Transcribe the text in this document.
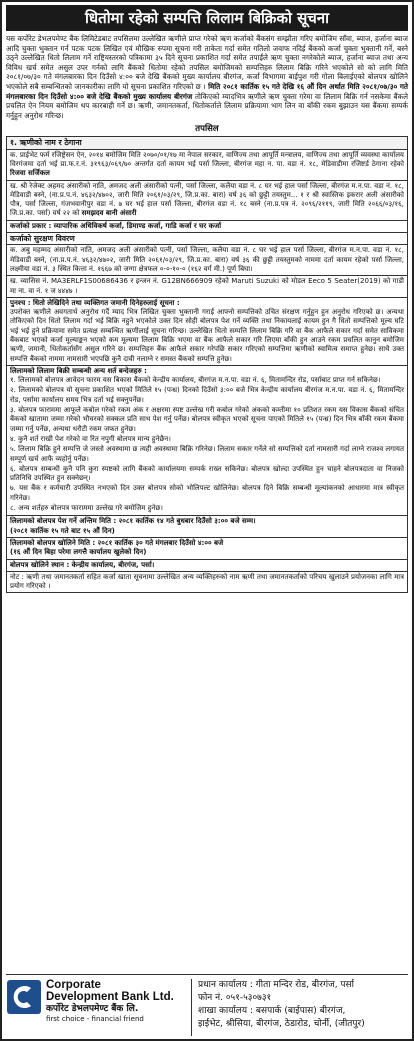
धितोमा रहेको सम्पत्ति लिलाम बिक्रिको सूचना
यस कर्पोरेट डेभलपमेण्ट बैंक लिमिटेडबाट तपसिलमा उल्लेखित ऋणीले प्राप्त गरेको ऋण कर्जाको बैंकसंग सम्झौता गरिए बमोजिम साँवा, ब्याज, हर्जाना ब्याज आदि चुक्ता भुक्तान गर्न पटक पटक लिखित एवं मौखिक रुपमा सूचना गरी ताकेता गर्दा समेत गतिलो जवाफ नदिई बैंकको कर्जा चुक्ता भुक्तानी गर्ने, बस्ने उठ्ने उल्लेखित धितो लिलाम गर्ने राष्ट्रियस्तरको पत्रिकामा ३५ दिने सूचना प्रकाशित गर्दा समेत तपाईंले ऋण चुक्ता नगरेकोले ब्याज, हर्जाना ब्याज तथा अन्य विविध खर्च समेत असुल उपर गर्नको लागि बैंकको धितोमा रहेको तपसिल बमोजिमको सम्पत्तिहरु लिलाम बिक्रि गरिने भएकोले सो को लागि मिति २०८१/०७/३० गते मंगलबारका दिन दिउँसो ४:०० बजे देखि बैंकको मुख्य कार्यालय बीरगंज, कर्जा विभागमा बाईपुश गरी गोला बिलाईएको बोलपत्र खोलिने भएकोले सबै सम्बन्धितको जानकारीका लागि यो सूचना प्रकाशित गरिएको छ । मिति २०८१ कार्तिक १५ गते देखि १६ औं दिन अर्थात मिति २०८१/०७/३० गते मंगलबारका दिन दिउँसो ४:०० बजे देखि बैंकको मुख्य कार्यालय बीरगंज तोकिएको म्यादभित्र ऋणीले ऋण चुक्ता गरेमा वा लिलाम बिक्रि गर्न नसकेमा बैंकले प्रचलित ऐन नियम बमोजिम थप कारबाही गर्ने छ। ऋणी, जमानतकर्ता, धितोकर्ताले लिलाम प्रक्रियामा भाग लिन वा बाँकी रकम बुझाउन यस बैंकमा सम्पर्क गर्नुहुन अनुरोध गरिन्छ।
तपसिल
१. ऋणीको नाम र ठेगाना
क. प्राईभेट फर्म रजिष्ट्रेसन ऐन, २०१४ बमोजिम मिति २०७०/०१/१७ मा नेपाल सरकार, वाणिज्य तथा आपूर्ति मन्त्रालय, वाणिज्य तथा आपूर्ति व्यवस्था कार्यालय विरगंजमा दर्ता भई प्रा.फ.र.नं. ३१९६३/०६९/७० अन्तर्गत दर्ता कायम भई पर्सा जिल्ला, बीरगंज महा न. पा. वडा नं. १८, मेडिवाडीमा रजिष्टर्ड ठेगाना रहेको रिजवा सर्जिकल
ख. श्री रेजेक्ट अहमद अंसारीको नाति, अमजद अली अंसारीको पत्नी, पर्सा जिल्ला, कलैया वडा नं. ८ घर भई हाल पर्सा जिल्ला, बीरगंज म.न.पा. वडा नं. १८, मेडिवाडी बस्ने, (ना.प्र.प.नं. ४६३२/४७०२, जारी मिति २०६१/०३/२९, जि.प्र.का. बारा) वर्ष ३६ को छुट्टी तयस्तुम... १ र श्री स्वास्तिक इकरार अली अंसारीको पौत्र, पर्सा जिल्ला, गंजभवानीपुर वडा नं. ७ घर भई हाल पर्सा जिल्ला, बीरगंज वडा नं. १८ बस्ने (ना.प्र.पत्र नं. २०९६/२११९, जारी मिति २०६६/०३/१६, जि.प्र.का. पर्सा) वर्ष २२ को समझदव बानी अंसारी
कर्जाको प्रकार : व्यापारिक अधिविकर्ष कर्जा, डिमाण्ड कर्जा, गाडि कर्जा र घर कर्जा
कर्जाको सुरक्षण विवरण
क. अबु महम्मद अंसारीको नाति, अमजद अली अंसारीको पत्नी, पर्सा जिल्ला, कलैया वडा नं. ८ घर भई हाल पर्सा जिल्ला, बीरगंज म.न.पा. वडा नं. १८, मेडिवाडी बस्ने, (ना.प्र.प.नं. ४६३२/४७०२, जारी मिति २०६१/०३/२९, जि.प्र.का. बारा) वर्ष ३६ की छुट्टी तयस्तुमको नाममा दर्ता कायम रहेको पर्सा जिल्ला, लक्ष्मीया वडा नं. ३ स्थित कित्ता नं. १६६७ को जग्गा क्षेत्रफल ०-०-१०-० (१६२ वर्ग मी.) पूर्ण बिघा।
ख. व्यासिस नं. MA3ERLF1S00686436 र इन्जन नं. G12BN666909 रहेको Maruti Suzuki को मोडल Eeco 5 Seater(2019) को गाडी मा ना. वा नं. १ ज ४४४७ ।

पुनश्च : धितो लेखिदिने तथा व्यक्तिगत जमानी दिनेहरुलाई सूचना :
उपरोक्त ऋणीले अवगतार्थ अनुरोध गर्दै म्याद भित्र लिखित चुक्ता भुक्तानी गराई आफ्नो सम्पत्तिको उचित संरक्षण गर्नुहुन हुन अनुरोध गरिएको छ। अन्यथा तोकिएको दिन धितो लिलाम गर्दा भई बिक्रि नहुने भएकोले उक्त दिन सोही बोलपत्र पेश गर्ने व्यक्ति तथा निकायलाई कायम हुन गै धितो सम्पत्तिको मूल्य घटि भई भई हुने प्रक्रियामा समेत प्रत्यक्ष सम्बन्धित ऋणीलाई सूचना गरिन्छ। उल्लेखित धितो सम्पत्ति लिलाम बिक्रि गरि वा बैंक आफैले सकार गर्दा समेत साविकमा बैंकबाट भएको कर्जा मूल्याङ्कन भएको कम मूल्यमा लिलाम बिक्रि भएमा वा बैंक आफैले सकार गरि लिएमा बाँकी हुन आउने रकम प्रचलित कानुन बमोजिम ऋणी, जमानी, धितोकर्तासँग असुल गरिने छ। सम्पत्तिहरु बैंक आफैले सकार गरेपछि सकार गरिएको सम्पत्तिमा ऋणीको स्वामित्व समाप्त हुनेछ। साथै उक्त सम्पत्ति बैंकको नाममा नामसारी भएपछि कुनै दावी नलाग्ने र समस्त बैंकको सम्पत्ति हुनेछ।

लिलामको लिलाम बिक्री सम्बन्धी अन्य शर्त बन्देजहरु :
१. लिलामको बोलपत्र आवेदन फारम यस बिकास बैंकको केन्द्रीय कार्यालय, बीरगंज म.न.पा. वडा नं. ६, मितामन्दिर रोड, पर्साबाट प्राप्त गर्न सकिनेछ।
२. लिलामको बोलपत्र यो सूचना प्रकाशित भएको मितिले १५ (पन्ध्र) दिनको दिउँसो ३:०० बजे भित्र केन्द्रीय कार्यालय बीरगंज म.न.पा. वडा नं. ६, मितामन्दिर रोड, पर्सामा कार्यालय समय भित्र दर्ता भई सक्नुपर्नेछ।
३. बोलपत्र फाराममा आफूले कबोल गरेको रकम अंक र अक्षरमा स्पष्ट उल्लेख गरी कबोल गरेको अंकको कम्तीमा १० प्रतिशत रकम यस विकास बैंकको संचित बैंकको खातामा जम्मा गरेको भौचरको सक्कल प्रति साथ पेश गर्नु पर्नेछ। बोलपत्र स्वीकृत भएको सूचना पाएको मितिले १५ (पन्ध्र) दिन भित्र बाँकी रकम बैंकमा जम्मा गर्नु पर्नेछ, अन्यथा धरौटी रकम जफत हुनेछ।
४. कुनै शर्त राखी पेश गरेको वा रित नपुगी बोलपत्र मान्य हुनेछैन।
५. लिलाम बिक्रि हुने सम्पत्ति जे जस्तो अवस्थामा छ त्यही अवस्थामा बिक्रि गरिनेछ। लिलाम सकार गर्नेले सो सम्पत्तिको दर्ता नामसारी गर्दा लाग्ने राजश्व लगायत सम्पूर्ण खर्च आफै व्यहोर्नु पर्नेछ।
६. बोलपत्र सम्बन्धी कुनै पनि कुरा स्पष्टको लागि बैंकको कार्यालयमा सम्पर्क राख्न सकिनेछ। बोलपत्र खोल्दा उपस्थित हुन चाहने बोलपत्रदाता वा निजको प्रतिनिधि उपस्थित हुन सक्नेछन्।
७. यस बैंक र कर्मचारी उपस्थित नभएको दिन उक्त बोलपत्र सोको भोलिपल्ट खोलिनेछ। बोलपत्र दिने बिक्रि सम्बन्धी मूल्यांकनको आधारमा मात्र स्वीकृत गरिनेछ।
८. अन्य शर्तहरु बोलपत्र फाराममा उल्लेख गरे बमोजिम हुनेछ।

लिलामको बोलपत्र पेश गर्ने अन्तिम मिति : २०८१ कार्तिक १४ गते बुधबार दिउँसो ३:०० बजे सम्म।
(२०८१ कार्तिक १५ गते बाट १५ औं दिन)

लिलामको बोलपत्र खोलिने मिति : २०८१ कार्तिक ३० गते मंगलबार दिउँसो ४:०० बजे
(१६ औं दिन बिहा परेमा लगत्तै कार्यालय खुलेको दिन)

बोलपत्र खोलिने स्थान : केन्द्रीय कार्यालय, बीरगंज, पर्सा।
नोट : ऋणी तथा जमानतकर्ता सहित कर्जा खाता सूचनामा उल्लेखित अन्य व्यक्तिहरुको नाम ऋणी तथा जमानतकर्ताको परिचय खुलाउने प्रयोजनका लागि मात्र प्रयोग गरिएको ।
Corporate
Development Bank Ltd.
कर्पोरेट डेभलपमेण्ट बैंक लि.
first choice - financial friend
प्रधान कार्यालय : गीता मन्दिर रोड, बीरगंज, पर्सा
फोन नं. ०५१-५३०७३१
शाखा कार्यालय : बसपार्क (बाईपास) बीरगंज,
इाईभेट, श्रीसिया, बीरगंज, ठेडारोड, चोर्नी, (जीतपुर)
